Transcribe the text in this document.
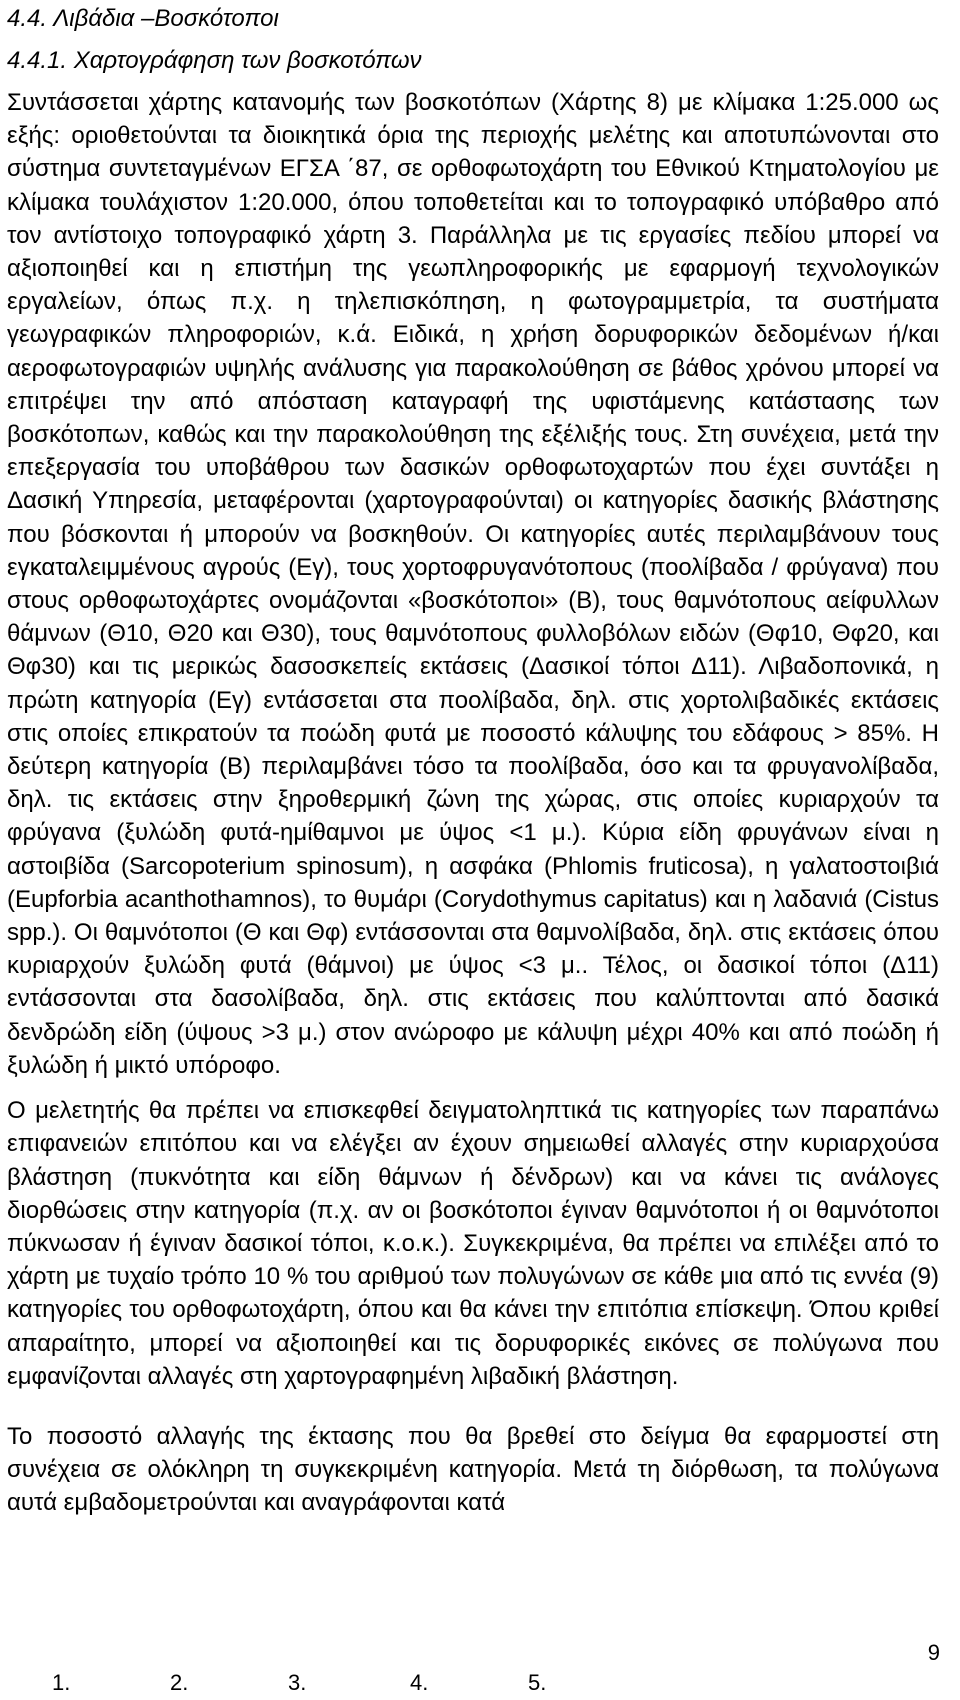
4.4. Λιβάδια –Βοσκότοποι

4.4.1. Χαρτογράφηση των βοσκοτόπων

Συντάσσεται χάρτης κατανομής των βοσκοτόπων (Χάρτης 8) με κλίμακα 1:25.000 ως εξής: οριοθετούνται τα διοικητικά όρια της περιοχής μελέτης και αποτυπώνονται στο σύστημα συντεταγμένων ΕΓΣΑ ΄87, σε ορθοφωτοχάρτη του Εθνικού Κτηματολογίου με κλίμακα τουλάχιστον 1:20.000, όπου τοποθετείται και το τοπογραφικό υπόβαθρο από τον αντίστοιχο τοπογραφικό χάρτη 3. Παράλληλα με τις εργασίες πεδίου μπορεί να αξιοποιηθεί και η επιστήμη της γεωπληροφορικής με εφαρμογή τεχνολογικών εργαλείων, όπως π.χ. η τηλεπισκόπηση, η φωτογραμμετρία, τα συστήματα γεωγραφικών πληροφοριών, κ.ά. Ειδικά, η χρήση δορυφορικών δεδομένων ή/και αεροφωτογραφιών υψηλής ανάλυσης για παρακολούθηση σε βάθος χρόνου μπορεί να επιτρέψει την από απόσταση καταγραφή της υφιστάμενης κατάστασης των βοσκότοπων, καθώς και την παρακολούθηση της εξέλιξής τους. Στη συνέχεια, μετά την επεξεργασία του υποβάθρου των δασικών ορθοφωτοχαρτών που έχει συντάξει η Δασική Υπηρεσία, μεταφέρονται (χαρτογραφούνται) οι κατηγορίες δασικής βλάστησης που βόσκονται ή μπορούν να βοσκηθούν. Οι κατηγορίες αυτές περιλαμβάνουν τους εγκαταλειμμένους αγρούς (Εγ), τους χορτοφρυγανότοπους (ποολίβαδα / φρύγανα) που στους ορθοφωτοχάρτες ονομάζονται «βοσκότοποι» (Β), τους θαμνότοπους αείφυλλων θάμνων (Θ10, Θ20 και Θ30), τους θαμνότοπους φυλλοβόλων ειδών (Θφ10, Θφ20, και Θφ30) και τις μερικώς δασοσκεπείς εκτάσεις (Δασικοί τόποι Δ11). Λιβαδοπονικά, η πρώτη κατηγορία (Εγ) εντάσσεται στα ποολίβαδα, δηλ. στις χορτολιβαδικές εκτάσεις στις οποίες επικρατούν τα ποώδη φυτά με ποσοστό κάλυψης του εδάφους > 85%. Η δεύτερη κατηγορία (Β) περιλαμβάνει τόσο τα ποολίβαδα, όσο και τα φρυγανολίβαδα, δηλ. τις εκτάσεις στην ξηροθερμική ζώνη της χώρας, στις οποίες κυριαρχούν τα φρύγανα (ξυλώδη φυτά-ημίθαμνοι με ύψος <1 μ.). Κύρια είδη φρυγάνων είναι η αστοιβίδα (Sarcopoterium spinosum), η ασφάκα (Phlomis fruticosa), η γαλατοστοιβιά (Eupforbia acanthothamnos), το θυμάρι (Corydothymus capitatus) και η λαδανιά (Cistus spp.). Οι θαμνότοποι (Θ και Θφ) εντάσσονται στα θαμνολίβαδα, δηλ. στις εκτάσεις όπου κυριαρχούν ξυλώδη φυτά (θάμνοι) με ύψος <3 μ.. Τέλος, οι δασικοί τόποι (Δ11) εντάσσονται στα δασολίβαδα, δηλ. στις εκτάσεις που καλύπτονται από δασικά δενδρώδη είδη (ύψους >3 μ.) στον ανώροφο με κάλυψη μέχρι 40% και από ποώδη ή ξυλώδη ή μικτό υπόροφο.

Ο μελετητής θα πρέπει να επισκεφθεί δειγματοληπτικά τις κατηγορίες των παραπάνω επιφανειών επιτόπου και να ελέγξει αν έχουν σημειωθεί αλλαγές στην κυριαρχούσα βλάστηση (πυκνότητα και είδη θάμνων ή δένδρων) και να κάνει τις ανάλογες διορθώσεις στην κατηγορία (π.χ. αν οι βοσκότοποι έγιναν θαμνότοποι ή οι θαμνότοποι πύκνωσαν ή έγιναν δασικοί τόποι, κ.ο.κ.). Συγκεκριμένα, θα πρέπει να επιλέξει από το χάρτη με τυχαίο τρόπο 10 % του αριθμού των πολυγώνων σε κάθε μια από τις εννέα (9) κατηγορίες του ορθοφωτοχάρτη, όπου και θα κάνει την επιτόπια επίσκεψη. Όπου κριθεί απαραίτητο, μπορεί να αξιοποιηθεί και τις δορυφορικές εικόνες σε πολύγωνα που εμφανίζονται αλλαγές στη χαρτογραφημένη λιβαδική βλάστηση.

Το ποσοστό αλλαγής της έκτασης που θα βρεθεί στο δείγμα θα εφαρμοστεί στη συνέχεια σε ολόκληρη τη συγκεκριμένη κατηγορία. Μετά τη διόρθωση, τα πολύγωνα αυτά εμβαδομετρούνται και αναγράφονται κατά

9
1.	2.	3.	4.	5.
